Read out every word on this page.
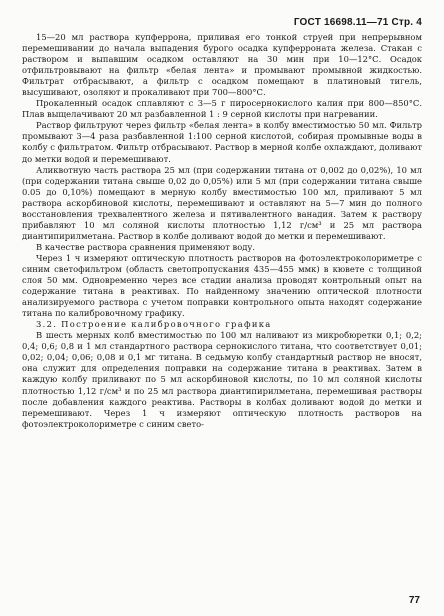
ГОСТ 16698.11—71 Стр. 4

15—20 мл раствора купферрона, приливая его тонкой струей при непрерывном перемешивании до начала выпадения бурого осадка купферроната железа. Стакан с раствором и выпавшим осадком оставляют на 30 мин при 10—12°С. Осадок отфильтровывают на фильтр «белая лента» и промывают промывной жидкостью. Фильтрат отбрасывают, а фильтр с осадком помещают в платиновый тигель, высушивают, озоляют и прокаливают при 700—800°С.

Прокаленный осадок сплавляют с 3—5 г пиросернокислого калия при 800—850°С. Плав выщелачивают 20 мл разбавленной 1 : 9 серной кислоты при нагревании.

Раствор фильтруют через фильтр «белая лента» в колбу вместимостью 50 мл. Фильтр промывают 3—4 раза разбавленной 1:100 серной кислотой, собирая промывные воды в колбу с фильтратом. Фильтр отбрасывают. Раствор в мерной колбе охлаждают, доливают до метки водой и перемешивают.

Аликвотную часть раствора 25 мл (при содержании титана от 0,002 до 0,02%), 10 мл (при содержании титана свыше 0,02 до 0,05%) или 5 мл (при содержании титана свыше 0.05 до 0,10%) помещают в мерную колбу вместимостью 100 мл, приливают 5 мл раствора аскорбиновой кислоты, перемешивают и оставляют на 5—7 мин до полного восстановления трехвалентного железа и пятивалентного ванадия. Затем к раствору прибавляют 10 мл соляной кислоты плотностью 1,12 г/см³ и 25 мл раствора диантипирилметана. Раствор в колбе доливают водой до метки и перемешивают.

В качестве раствора сравнения применяют воду.

Через 1 ч измеряют оптическую плотность растворов на фотоэлектроколориметре с синим светофильтром (область светопропускания 435—455 ммк) в кювете с толщиной слоя 50 мм. Одновременно через все стадии анализа проводят контрольный опыт на содержание титана в реактивах. По найденному значению оптической плотности анализируемого раствора с учетом поправки контрольного опыта находят содержание титана по калибровочному графику.

3.2. Построение калибровочного графика

В шесть мерных колб вместимостью по 100 мл наливают из микробюретки 0,1; 0,2; 0,4; 0,6; 0,8 и 1 мл стандартного раствора сернокислого титана, что соответствует 0,01; 0,02; 0,04; 0,06; 0,08 и 0,1 мг титана. В седьмую колбу стандартный раствор не вносят, она служит для определения поправки на содержание титана в реактивах. Затем в каждую колбу приливают по 5 мл аскорбиновой кислоты, по 10 мл соляной кислоты плотностью 1,12 г/см³ и по 25 мл раствора диантипирилметана, перемешивая растворы после добавления каждого реактива. Растворы в колбах доливают водой до метки и перемешивают. Через 1 ч измеряют оптическую плотность растворов на фотоэлектроколориметре с синим свето-

77
